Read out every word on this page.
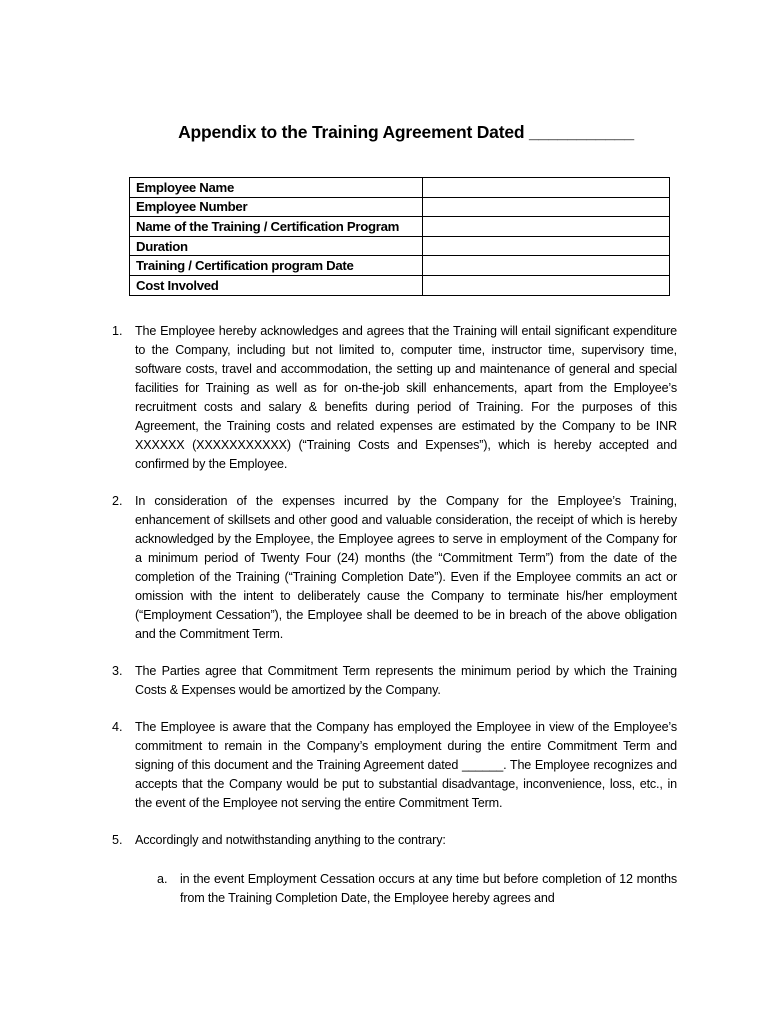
Appendix to the Training Agreement Dated ___________
Employee Name	
Employee Number	
Name of the Training / Certification Program	
Duration	
Training / Certification program Date	
Cost Involved	
1. The Employee hereby acknowledges and agrees that the Training will entail significant expenditure to the Company, including but not limited to, computer time, instructor time, supervisory time, software costs, travel and accommodation, the setting up and maintenance of general and special facilities for Training as well as for on-the-job skill enhancements, apart from the Employee’s recruitment costs and salary & benefits during period of Training. For the purposes of this Agreement, the Training costs and related expenses are estimated by the Company to be INR XXXXXX (XXXXXXXXXXX) (“Training Costs and Expenses”), which is hereby accepted and confirmed by the Employee.
2. In consideration of the expenses incurred by the Company for the Employee’s Training, enhancement of skillsets and other good and valuable consideration, the receipt of which is hereby acknowledged by the Employee, the Employee agrees to serve in employment of the Company for a minimum period of Twenty Four (24) months (the “Commitment Term”) from the date of the completion of the Training (“Training Completion Date”). Even if the Employee commits an act or omission with the intent to deliberately cause the Company to terminate his/her employment (“Employment Cessation”), the Employee shall be deemed to be in breach of the above obligation and the Commitment Term.
3. The Parties agree that Commitment Term represents the minimum period by which the Training Costs & Expenses would be amortized by the Company.
4. The Employee is aware that the Company has employed the Employee in view of the Employee’s commitment to remain in the Company’s employment during the entire Commitment Term and signing of this document and the Training Agreement dated ______. The Employee recognizes and accepts that the Company would be put to substantial disadvantage, inconvenience, loss, etc., in the event of the Employee not serving the entire Commitment Term.
5. Accordingly and notwithstanding anything to the contrary:
a. in the event Employment Cessation occurs at any time but before completion of 12 months from the Training Completion Date, the Employee hereby agrees and
